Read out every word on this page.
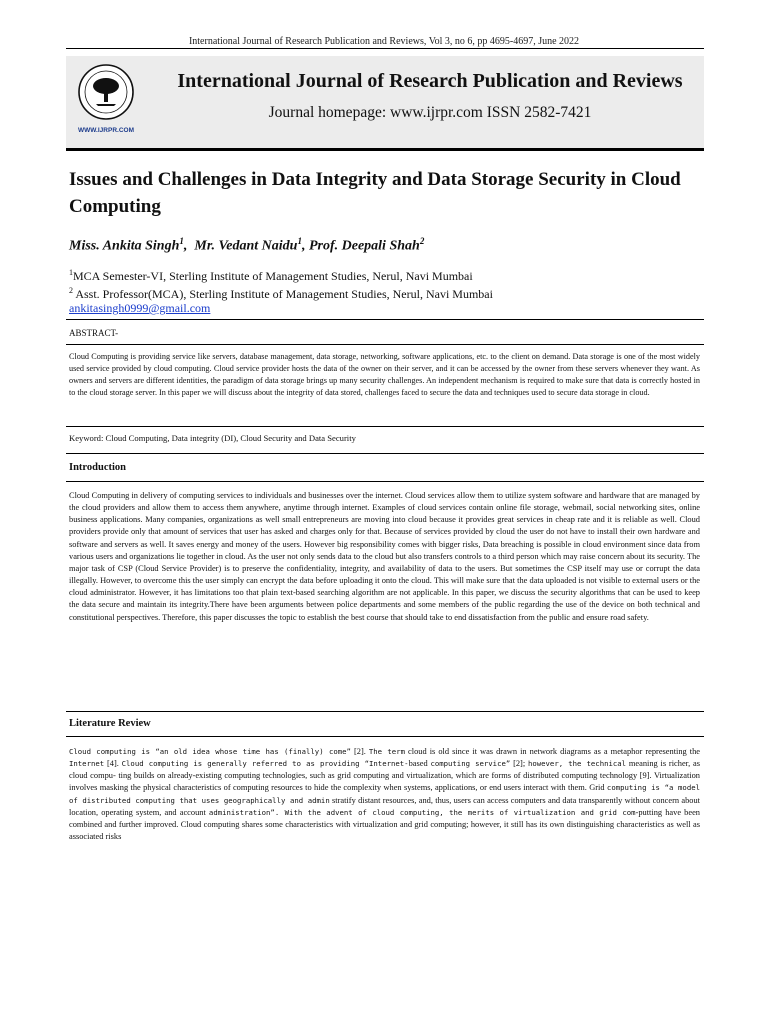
International Journal of Research Publication and Reviews, Vol 3, no 6, pp 4695-4697, June 2022
WWW.IJRPR.COM
International Journal of Research Publication and Reviews
Journal homepage: www.ijrpr.com ISSN 2582-7421
Issues and Challenges in Data Integrity and Data Storage Security in Cloud Computing
Miss. Ankita Singh$^1$,  Mr. Vedant Naidu$^1$, Prof. Deepali Shah$^2$
$^1$MCA Semester-VI, Sterling Institute of Management Studies, Nerul, Navi Mumbai
$^2$ Asst. Professor(MCA), Sterling Institute of Management Studies, Nerul, Navi Mumbai
ankitasingh0999@gmail.com
ABSTRACT-
Cloud Computing is providing service like servers, database management, data storage, networking, software applications, etc. to the client on demand. Data storage is one of the most widely used service provided by cloud computing. Cloud service provider hosts the data of the owner on their server, and it can be accessed by the owner from these servers whenever they want. As owners and servers are different identities, the paradigm of data storage brings up many security challenges. An independent mechanism is required to make sure that data is correctly hosted in to the cloud storage server. In this paper we will discuss about the integrity of data stored, challenges faced to secure the data and techniques used to secure data storage in cloud.
Keyword: Cloud Computing, Data integrity (DI), Cloud Security and Data Security
Introduction
Cloud Computing in delivery of computing services to individuals and businesses over the internet. Cloud services allow them to utilize system software and hardware that are managed by the cloud providers and allow them to access them anywhere, anytime through internet. Examples of cloud services contain online file storage, webmail, social networking sites, online business applications. Many companies, organizations as well small entrepreneurs are moving into cloud because it provides great services in cheap rate and it is reliable as well. Cloud providers provide only that amount of services that user has asked and charges only for that. Because of services provided by cloud the user do not have to install their own hardware and software and servers as well. It saves energy and money of the users. However big responsibility comes with bigger risks, Data breaching is possible in cloud environment since data from various users and organizations lie together in cloud. As the user not only sends data to the cloud but also transfers controls to a third person which may raise concern about its security. The major task of CSP (Cloud Service Provider) is to preserve the confidentiality, integrity, and availability of data to the users. But sometimes the CSP itself may use or corrupt the data illegally. However, to overcome this the user simply can encrypt the data before uploading it onto the cloud. This will make sure that the data uploaded is not visible to external users or the cloud administrator. However, it has limitations too that plain text-based searching algorithm are not applicable. In this paper, we discuss the security algorithms that can be used to keep the data secure and maintain its integrity.There have been arguments between police departments and some members of the public regarding the use of the device on both technical and constitutional perspectives. Therefore, this paper discusses the topic to establish the best course that should take to end dissatisfaction from the public and ensure road safety.
Literature Review
Cloud computing is “an old idea whose time has (finally) come” [2]. The term cloud is old since it was drawn in network diagrams as a metaphor representing the Internet [4]. Cloud computing is generally referred to as providing “Internet-based computing service” [2]; however, the technical meaning is richer, as cloud compu- ting builds on already-existing computing technologies, such as grid computing and virtualization, which are forms of distributed computing technology [9]. Virtualization involves masking the physical characteristics of computing resources to hide the complexity when systems, applications, or end users interact with them. Grid computing is “a model of distributed computing that uses geographically and admin stratify distant resources, and, thus, users can access computers and data transparently without concern about location, operating system, and account administration”. With the advent of cloud computing, the merits of virtualization and grid com-putting have been combined and further improved. Cloud computing shares some characteristics with virtualization and grid computing; however, it still has its own distinguishing characteristics as well as associated risks
